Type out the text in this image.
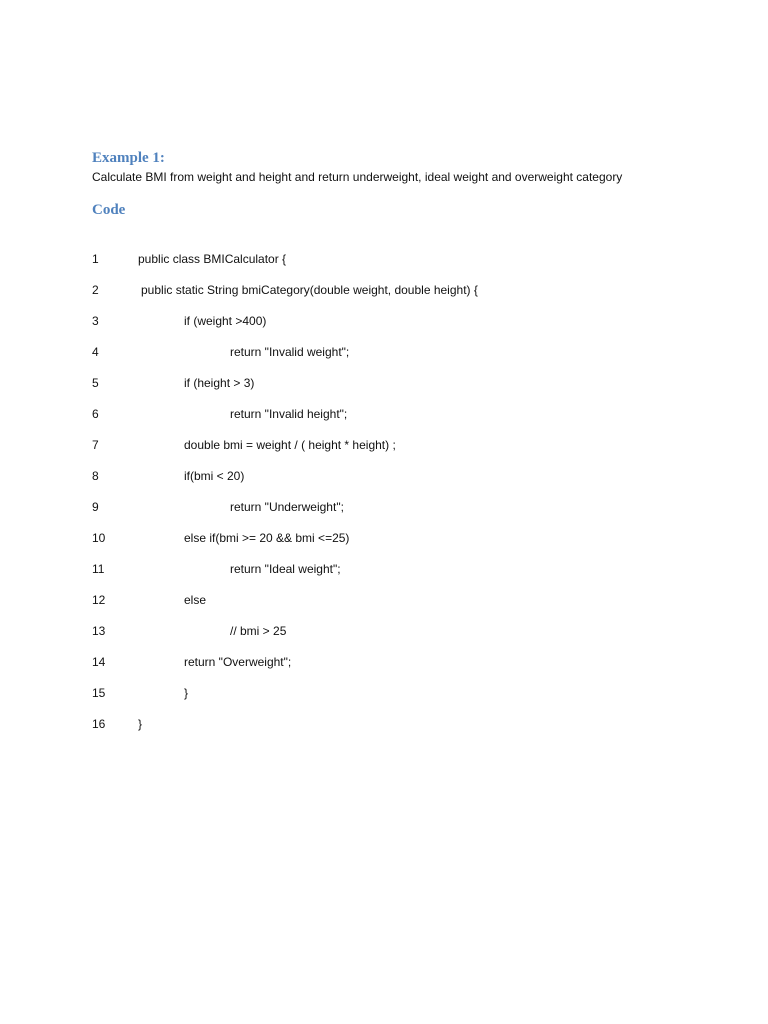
Example 1:

Calculate BMI from weight and height and return underweight, ideal weight and overweight category

Code
1	public class BMICalculator {
2	public static String bmiCategory(double weight, double height) {
3	if (weight >400)
4	return "Invalid weight";
5	if (height > 3)
6	return "Invalid height";
7	double bmi = weight / ( height * height) ;
8	if(bmi < 20)
9	return "Underweight";
10	else if(bmi >= 20 && bmi <=25)
11	return "Ideal weight";
12	else
13	// bmi > 25
14	return "Overweight";
15	}
16	}
